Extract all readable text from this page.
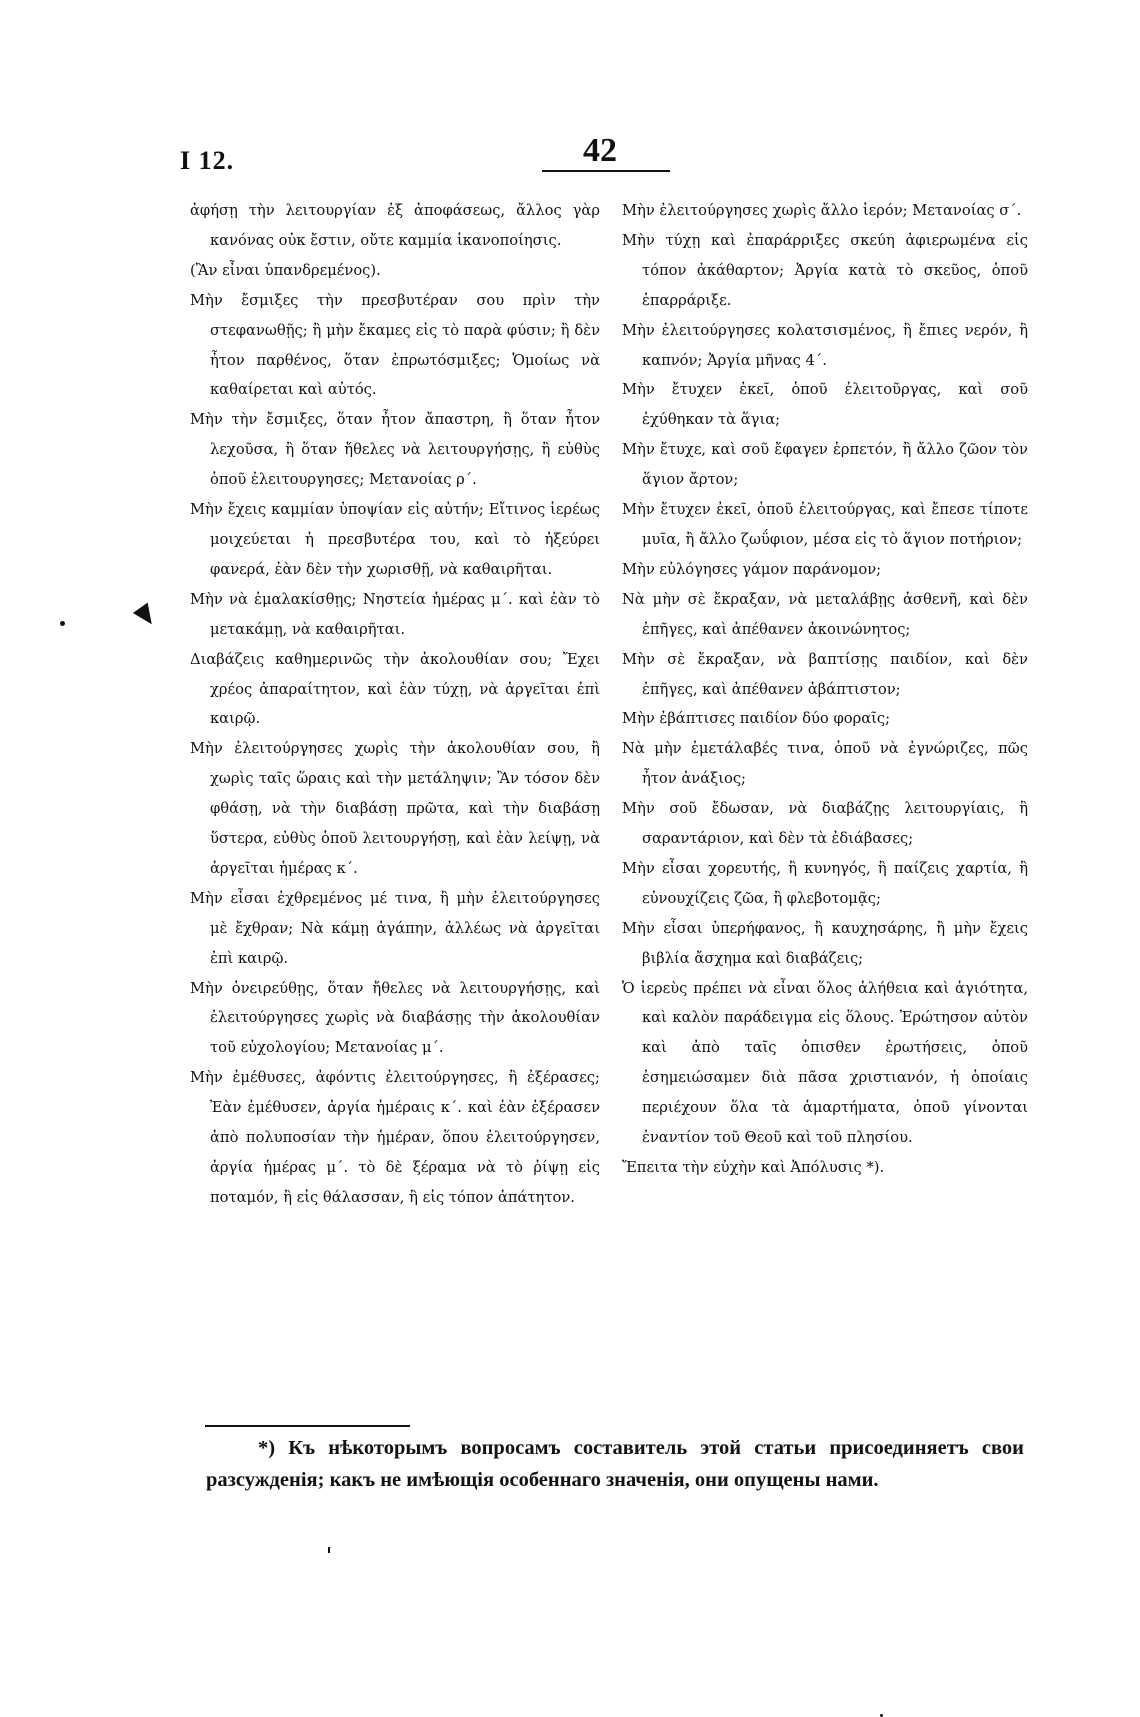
I 12.	42

ἀφήσῃ τὴν λειτουργίαν ἐξ ἀποφάσεως, ἄλλος γὰρ κανόνας οὐκ ἔστιν, οὔτε καμμία ἱκανοποίησις.

(Ἂν εἶναι ὑπανδρεμένος).

Μὴν ἔσμιξες τὴν πρεσβυτέραν σου πρὶν τὴν στεφανωθῇς; ἢ μὴν ἔκαμες εἰς τὸ παρὰ φύσιν; ἢ δὲν ἦτον παρθένος, ὅταν ἐπρωτόσμιξες; Ὁμοίως νὰ καθαίρεται καὶ αὐτός.

Μὴν τὴν ἔσμιξες, ὅταν ἦτον ἄπαστρη, ἢ ὅταν ἦτον λεχοῦσα, ἢ ὅταν ἤθελες νὰ λειτουργήσῃς, ἢ εὐθὺς ὁποῦ ἐλειτουργησες; Μετανοίας ρ΄.

Μὴν ἔχεις καμμίαν ὑποψίαν εἰς αὐτήν; Εἴτινος ἱερέως μοιχεύεται ἡ πρεσβυτέρα του, καὶ τὸ ἠξεύρει φανερά, ἐὰν δὲν τὴν χωρισθῇ, νὰ καθαιρῆται.

Μὴν νὰ ἐμαλακίσθῃς; Νηστεία ἡμέρας μ΄. καὶ ἐὰν τὸ μετακάμῃ, νὰ καθαιρῆται.

Διαβάζεις καθημερινῶς τὴν ἀκολουθίαν σου; Ἔχει χρέος ἀπαραίτητον, καὶ ἐὰν τύχῃ, νὰ ἀργεῖται ἐπὶ καιρῷ.

Μὴν ἐλειτούργησες χωρὶς τὴν ἀκολουθίαν σου, ἢ χωρὶς ταῖς ὥραις καὶ τὴν μετάληψιν; Ἂν τόσον δὲν φθάσῃ, νὰ τὴν διαβάσῃ πρῶτα, καὶ τὴν διαβάσῃ ὕστερα, εὐθὺς ὁποῦ λειτουργήσῃ, καὶ ἐὰν λείψῃ, νὰ ἀργεῖται ἡμέρας κ΄.

Μὴν εἶσαι ἐχθρεμένος μέ τινα, ἢ μὴν ἐλειτούργησες μὲ ἔχθραν; Νὰ κάμῃ ἀγάπην, ἀλλέως νὰ ἀργεῖται ἐπὶ καιρῷ.

Μὴν ὀνειρεύθῃς, ὅταν ἤθελες νὰ λειτουργήσῃς, καὶ ἐλειτούργησες χωρὶς νὰ διαβάσῃς τὴν ἀκολουθίαν τοῦ εὐχολογίου; Μετανοίας μ΄.

Μὴν ἐμέθυσες, ἀφόντις ἐλειτούργησες, ἢ ἐξέρασες; Ἐὰν ἐμέθυσεν, ἀργία ἡμέραις κ΄. καὶ ἐὰν ἐξέρασεν ἀπὸ πολυποσίαν τὴν ἡμέραν, ὅπου ἐλειτούργησεν, ἀργία ἡμέρας μ΄. τὸ δὲ ξέραμα νὰ τὸ ῥίψῃ εἰς ποταμόν, ἢ εἰς θάλασσαν, ἢ εἰς τόπον ἀπάτητον.

Μὴν ἐλειτούργησες χωρὶς ἄλλο ἱερόν; Μετανοίας σ΄.

Μὴν τύχῃ καὶ ἐπαράρριξες σκεύη ἀφιερωμένα εἰς τόπον ἀκάθαρτον; Ἀργία κατὰ τὸ σκεῦος, ὁποῦ ἐπαρράριξε.

Μὴν ἐλειτούργησες κολατσισμένος, ἢ ἔπιες νερόν, ἢ καπνόν; Ἀργία μῆνας 4΄.

Μὴν ἔτυχεν ἐκεῖ, ὁποῦ ἐλειτοῦργας, καὶ σοῦ ἐχύθηκαν τὰ ἅγια;

Μὴν ἔτυχε, καὶ σοῦ ἔφαγεν ἑρπετόν, ἢ ἄλλο ζῶον τὸν ἅγιον ἄρτον;

Μὴν ἔτυχεν ἐκεῖ, ὁποῦ ἐλειτούργας, καὶ ἔπεσε τίποτε μυῖα, ἢ ἄλλο ζωΰφιον, μέσα εἰς τὸ ἅγιον ποτήριον;

Μὴν εὐλόγησες γάμον παράνομον;

Νὰ μὴν σὲ ἔκραξαν, νὰ μεταλάβῃς ἀσθενῆ, καὶ δὲν ἐπῆγες, καὶ ἀπέθανεν ἀκοινώνητος;

Μὴν σὲ ἔκραξαν, νὰ βαπτίσῃς παιδίον, καὶ δὲν ἐπῆγες, καὶ ἀπέθανεν ἀβάπτιστον;

Μὴν ἐβάπτισες παιδίον δύο φοραῖς;

Νὰ μὴν ἐμετάλαβές τινα, ὁποῦ νὰ ἐγνώριζες, πῶς ἦτον ἀνάξιος;

Μὴν σοῦ ἔδωσαν, νὰ διαβάζῃς λειτουργίαις, ἢ σαραντάριον, καὶ δὲν τὰ ἐδιάβασες;

Μὴν εἶσαι χορευτής, ἢ κυνηγός, ἢ παίζεις χαρτία, ἢ εὐνουχίζεις ζῶα, ἢ φλεβοτομᾷς;

Μὴν εἶσαι ὑπερήφανος, ἢ καυχησάρης, ἢ μὴν ἔχεις βιβλία ἄσχημα καὶ διαβάζεις;

Ὁ ἱερεὺς πρέπει νὰ εἶναι ὅλος ἀλήθεια καὶ ἁγιότητα, καὶ καλὸν παράδειγμα εἰς ὅλους. Ἐρώτησον αὐτὸν καὶ ἀπὸ ταῖς ὀπισθεν ἐρωτήσεις, ὁποῦ ἐσημειώσαμεν διὰ πᾶσα χριστιανόν, ἡ ὁποίαις περιέχουν ὅλα τὰ ἁμαρτήματα, ὁποῦ γίνονται ἐναντίον τοῦ Θεοῦ καὶ τοῦ πλησίου.

Ἔπειτα τὴν εὐχὴν καὶ Ἀπόλυσις *).

*) Къ нѣкоторымъ вопросамъ составитель этой статьи присоединяетъ свои разсужденія; какъ не имѣющія особеннаго значенія, они опущены нами.
